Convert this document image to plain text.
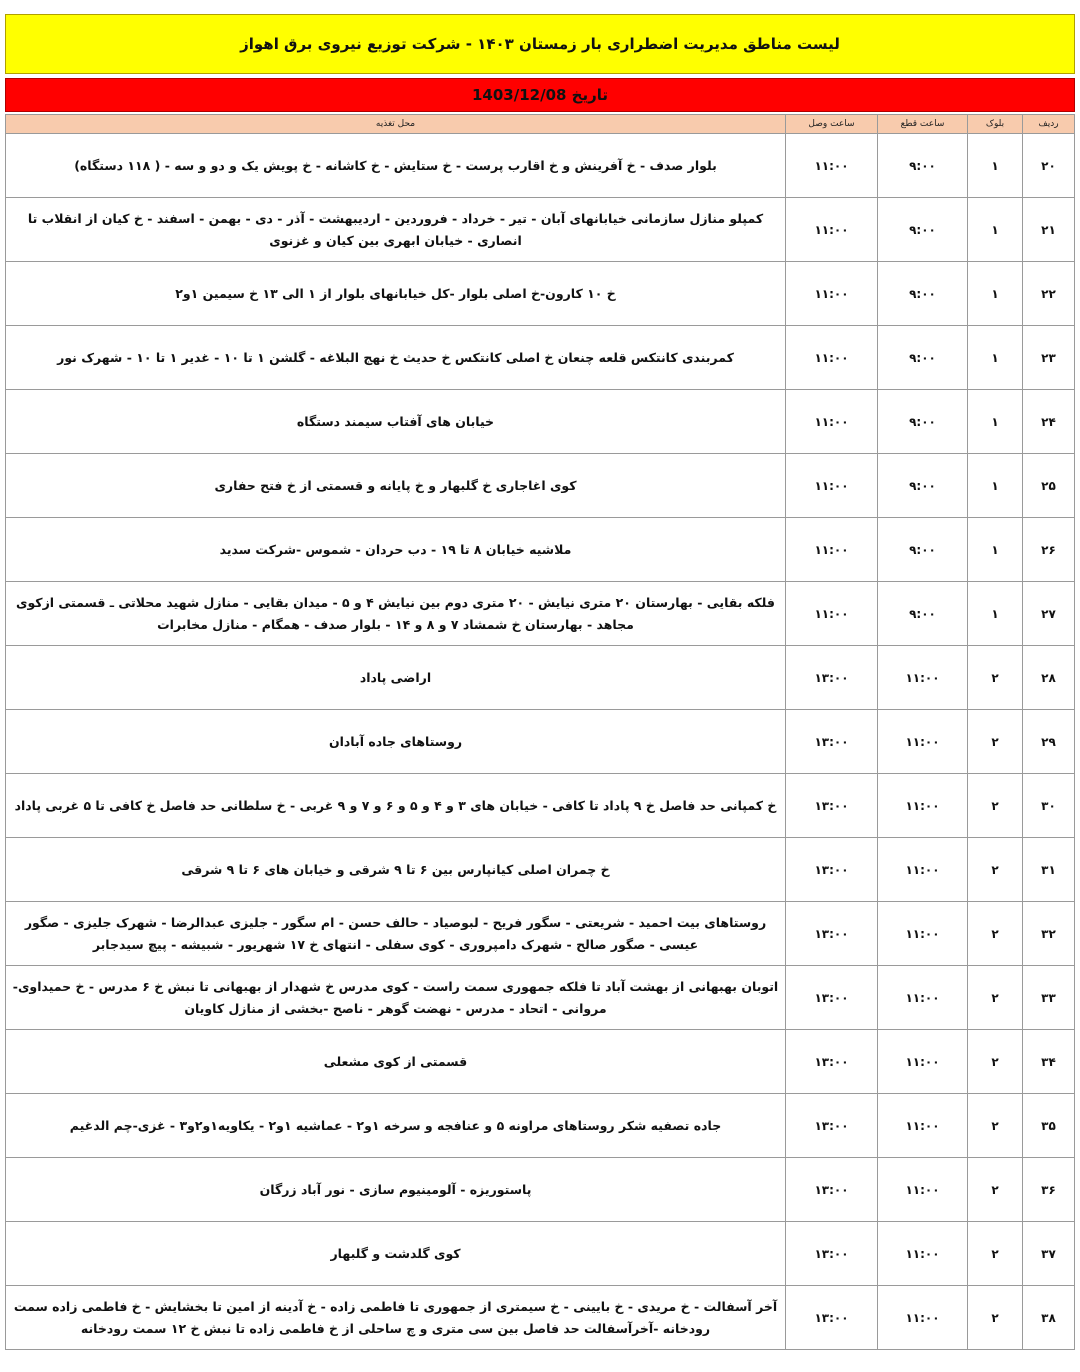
لیست مناطق مدیریت اضطراری بار زمستان ۱۴۰۳ - شرکت توزیع نیروی برق اهواز
تاریخ 1403/12/08
ردیف	بلوک	ساعت قطع	ساعت وصل	محل تغذیه
۲۰	۱	۹:۰۰	۱۱:۰۰	بلوار صدف - خ آفرینش و خ اقارب پرست - خ ستایش - خ کاشانه - خ پویش یک و دو و سه - ( ۱۱۸ دستگاه)
۲۱	۱	۹:۰۰	۱۱:۰۰	کمپلو منازل سازمانی خیابانهای آبان - تیر - خرداد - فروردین - اردیبهشت - آذر - دی - بهمن - اسفند - خ کیان از انقلاب تا انصاری - خیابان ابهری بین کیان و غزنوی
۲۲	۱	۹:۰۰	۱۱:۰۰	خ ۱۰ کارون-خ اصلی بلوار -کل خیابانهای بلوار از ۱ الی ۱۳ خ سیمین ۱و۲
۲۳	۱	۹:۰۰	۱۱:۰۰	کمربندی کانتکس قلعه چنعان خ اصلی کانتکس خ حدیث خ نهج البلاغه - گلشن ۱ تا ۱۰ - غدیر ۱ تا ۱۰ - شهرک نور
۲۴	۱	۹:۰۰	۱۱:۰۰	خیابان های آفتاب سیمند دستگاه
۲۵	۱	۹:۰۰	۱۱:۰۰	کوی اغاجاری خ گلبهار و خ پایانه و قسمتی از خ فتح حفاری
۲۶	۱	۹:۰۰	۱۱:۰۰	ملاشیه خیابان ۸ تا ۱۹ - دب حردان - شموس -شرکت سدید
۲۷	۱	۹:۰۰	۱۱:۰۰	فلکه بقایی - بهارستان ۲۰ متری نیایش - ۲۰ متری دوم بین نیایش ۴ و ۵ - میدان بقایی - منازل شهید محلاتی ـ قسمتی ازکوی مجاهد - بهارستان خ شمشاد ۷ و ۸ و ۱۴ - بلوار صدف - همگام - منازل مخابرات
۲۸	۲	۱۱:۰۰	۱۳:۰۰	اراضی پاداد
۲۹	۲	۱۱:۰۰	۱۳:۰۰	روستاهای جاده آبادان
۳۰	۲	۱۱:۰۰	۱۳:۰۰	خ کمپانی حد فاصل خ ۹ پاداد تا کافی - خیابان های ۳ و ۴ و ۵ و ۶ و ۷ و ۹ غربی - خ سلطانی حد فاصل خ کافی تا ۵ غربی پاداد
۳۱	۲	۱۱:۰۰	۱۳:۰۰	خ چمران اصلی کیانپارس بین ۶ تا ۹ شرقی و خیابان های ۶ تا ۹ شرقی
۳۲	۲	۱۱:۰۰	۱۳:۰۰	روستاهای بیت احمید - شریعتی - سگور فریح - لبوصیاد - حالف حسن - ام سگور - جلیزی عبدالرضا - شهرک جلیزی - صگور عیسی - صگور صالح - شهرک دامپروری - کوی سفلی - انتهای خ ۱۷ شهریور - شبیشه - پیچ سیدجابر
۳۳	۲	۱۱:۰۰	۱۳:۰۰	اتوبان بهبهانی از بهشت آباد تا فلکه جمهوری سمت راست - کوی مدرس خ شهدار از بهبهانی تا نبش خ ۶ مدرس - خ حمیداوی- مروانی - اتحاد - مدرس - نهضت گوهر - ناصح -بخشی از منازل کاویان
۳۴	۲	۱۱:۰۰	۱۳:۰۰	قسمتی از کوی مشعلی
۳۵	۲	۱۱:۰۰	۱۳:۰۰	جاده تصفیه شکر روستاهای مراونه ۵ و عنافجه و سرخه ۱و۲ - عماشیه ۱و۲ - یکاویه۱و۲و۳ - غزی-چم الدغیم
۳۶	۲	۱۱:۰۰	۱۳:۰۰	پاستوریزه - آلومینیوم سازی - نور آباد زرگان
۳۷	۲	۱۱:۰۰	۱۳:۰۰	کوی گلدشت و گلبهار
۳۸	۲	۱۱:۰۰	۱۳:۰۰	آخر آسفالت - خ مریدی - خ بایینی - خ سیمتری از جمهوری تا فاطمی زاده - خ آدینه از امین تا بخشایش - خ فاطمی زاده سمت رودخانه -آخرآسفالت حد فاصل بین سی متری و چ ساحلی از خ فاطمی زاده تا نبش خ ۱۲ سمت رودخانه
